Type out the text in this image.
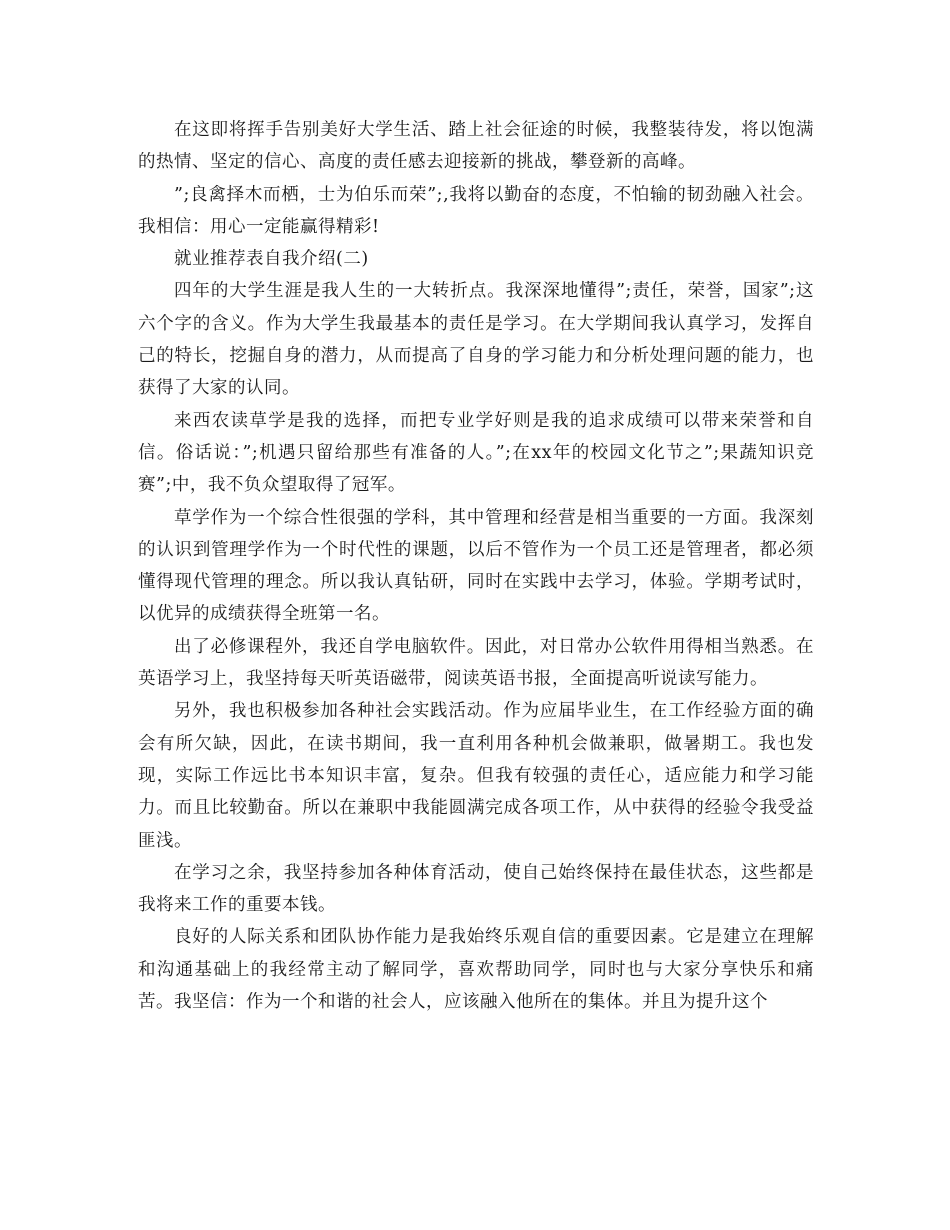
在这即将挥手告别美好大学生活、踏上社会征途的时候，我整装待发，将以饱满的热情、坚定的信心、高度的责任感去迎接新的挑战，攀登新的高峰。

”;良禽择木而栖，士为伯乐而荣”;,我将以勤奋的态度，不怕输的韧劲融入社会。我相信：用心一定能赢得精彩!

就业推荐表自我介绍(二)

四年的大学生涯是我人生的一大转折点。我深深地懂得”;责任，荣誉，国家”;这六个字的含义。作为大学生我最基本的责任是学习。在大学期间我认真学习，发挥自己的特长，挖掘自身的潜力，从而提高了自身的学习能力和分析处理问题的能力，也获得了大家的认同。

来西农读草学是我的选择，而把专业学好则是我的追求成绩可以带来荣誉和自信。俗话说：”;机遇只留给那些有准备的人。”;在xx年的校园文化节之”;果蔬知识竞赛”;中，我不负众望取得了冠军。

草学作为一个综合性很强的学科，其中管理和经营是相当重要的一方面。我深刻的认识到管理学作为一个时代性的课题，以后不管作为一个员工还是管理者，都必须懂得现代管理的理念。所以我认真钻研，同时在实践中去学习，体验。学期考试时，以优异的成绩获得全班第一名。

出了必修课程外，我还自学电脑软件。因此，对日常办公软件用得相当熟悉。在英语学习上，我坚持每天听英语磁带，阅读英语书报，全面提高听说读写能力。

另外，我也积极参加各种社会实践活动。作为应届毕业生，在工作经验方面的确会有所欠缺，因此，在读书期间，我一直利用各种机会做兼职，做暑期工。我也发现，实际工作远比书本知识丰富，复杂。但我有较强的责任心，适应能力和学习能力。而且比较勤奋。所以在兼职中我能圆满完成各项工作，从中获得的经验令我受益匪浅。

在学习之余，我坚持参加各种体育活动，使自己始终保持在最佳状态，这些都是我将来工作的重要本钱。

良好的人际关系和团队协作能力是我始终乐观自信的重要因素。它是建立在理解和沟通基础上的我经常主动了解同学，喜欢帮助同学，同时也与大家分享快乐和痛苦。我坚信：作为一个和谐的社会人，应该融入他所在的集体。并且为提升这个
